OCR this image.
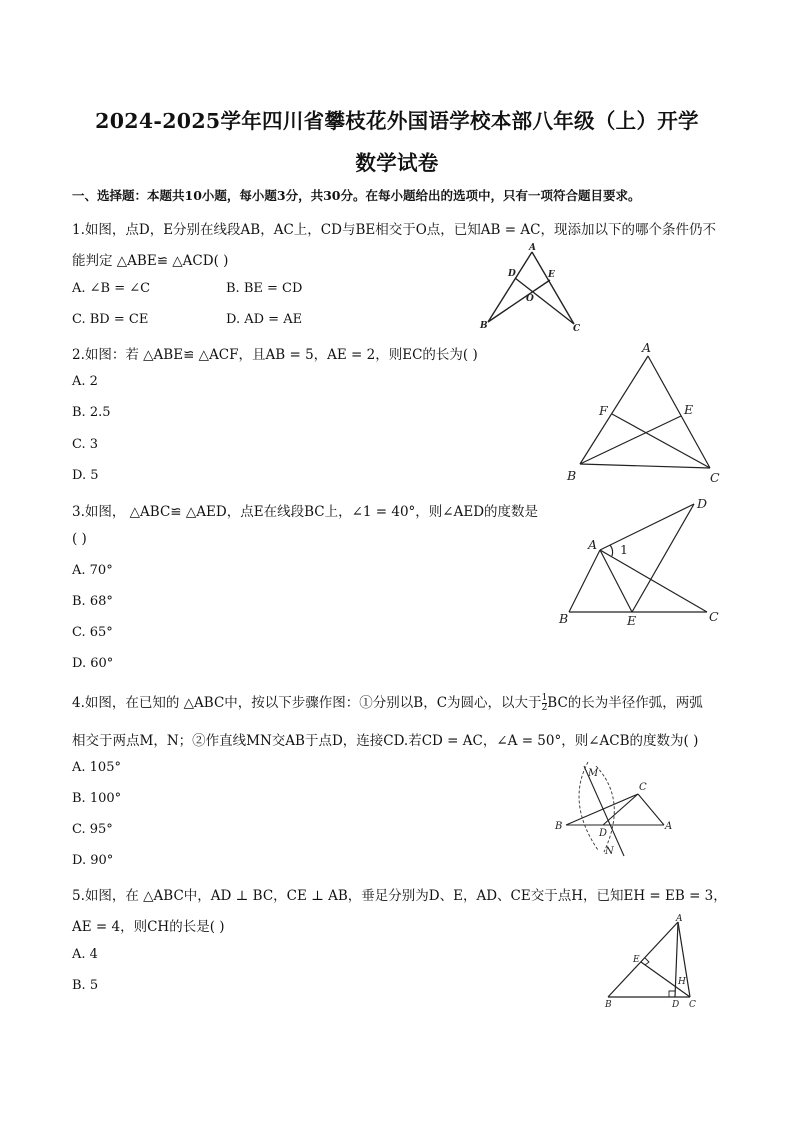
2024-2025学年四川省攀枝花外国语学校本部八年级（上）开学
数学试卷
一、选择题：本题共10小题，每小题3分，共30分。在每小题给出的选项中，只有一项符合题目要求。
1.如图，点D，E分别在线段AB，AC上，CD与BE相交于O点，已知AB = AC，现添加以下的哪个条件仍不
能判定 △ABE≌ △ACD( )
A. ∠B = ∠C	B. BE = CD
C. BD = CE	D. AD = AE
A
B	C
D	E
O
2.如图：若 △ABE≌ △ACF，且AB = 5，AE = 2，则EC的长为( )
A. 2
B. 2.5
C. 3
D. 5
A
B	C
E
F
3.如图， △ABC≌ △AED，点E在线段BC上，∠1 = 40°，则∠AED的度数是
( )
A. 70°
B. 68°
C. 65°
D. 60°
A
B	C
D
E
1
4.如图，在已知的 △ABC中，按以下步骤作图：①分别以B，C为圆心，以大于 $\frac{1}{2}$ BC的长为半径作弧，两弧
相交于两点M，N；②作直线MN交AB于点D，连接CD.若CD = AC，∠A = 50°，则∠ACB的度数为( )
A. 105°
B. 100°
C. 95°
D. 90°
C
B	A
D
M
N
5.如图，在 △ABC中，AD ⊥ BC，CE ⊥ AB，垂足分别为D、E，AD、CE交于点H，已知EH = EB = 3，
AE = 4，则CH的长是( )
A. 4
B. 5
A
B	C
D
E
H
